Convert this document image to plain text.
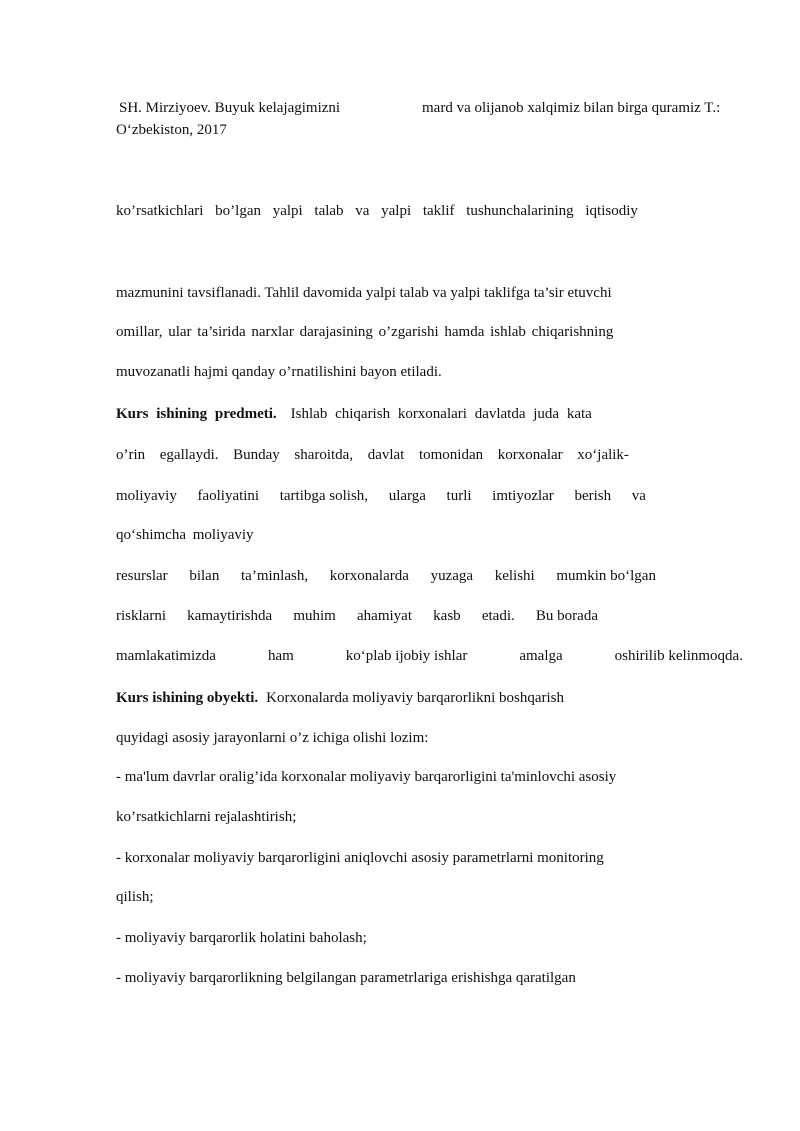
SH. Mirziyoev. Buyuk kelajagimizni	mard va olijanob xalqimiz bilan birga quramiz T.:
O‘zbekiston, 2017
ko’rsatkichlari bo’lgan yalpi talab va yalpi taklif tushunchalarining iqtisodiy
mazmunini tavsiflanadi. Tahlil davomida yalpi talab va yalpi taklifga ta’sir etuvchi
omillar, ular ta’sirida narxlar darajasining o’zgarishi hamda ishlab chiqarishning
muvozanatli hajmi qanday o’rnatilishini bayon etiladi.
Kurs ishining predmeti. Ishlab chiqarish korxonalari davlatda juda kata
o’rin egallaydi. Bunday sharoitda, davlat tomonidan korxonalar xo‘jalik-
moliyaviy faoliyatini tartibga solish, ularga turli imtiyozlar berish va
qo‘shimcha moliyaviy
resurslar bilan ta’minlash, korxonalarda yuzaga kelishi mumkin bo‘lgan
risklarni kamaytirishda muhim ahamiyat kasb etadi. Bu borada
mamlakatimizda	ham	ko‘plab ijobiy ishlar	amalga	oshirilib kelinmoqda.
Kurs ishining obyekti. Korxonalarda moliyaviy barqarorlikni boshqarish
quyidagi asosiy jarayonlarni o’z ichiga olishi lozim:
- ma'lum davrlar oralig’ida korxonalar moliyaviy barqarorligini ta'minlovchi asosiy
ko’rsatkichlarni rejalashtirish;
- korxonalar moliyaviy barqarorligini aniqlovchi asosiy parametrlarni monitoring
qilish;
- moliyaviy barqarorlik holatini baholash;
- moliyaviy barqarorlikning belgilangan parametrlariga erishishga qaratilgan
